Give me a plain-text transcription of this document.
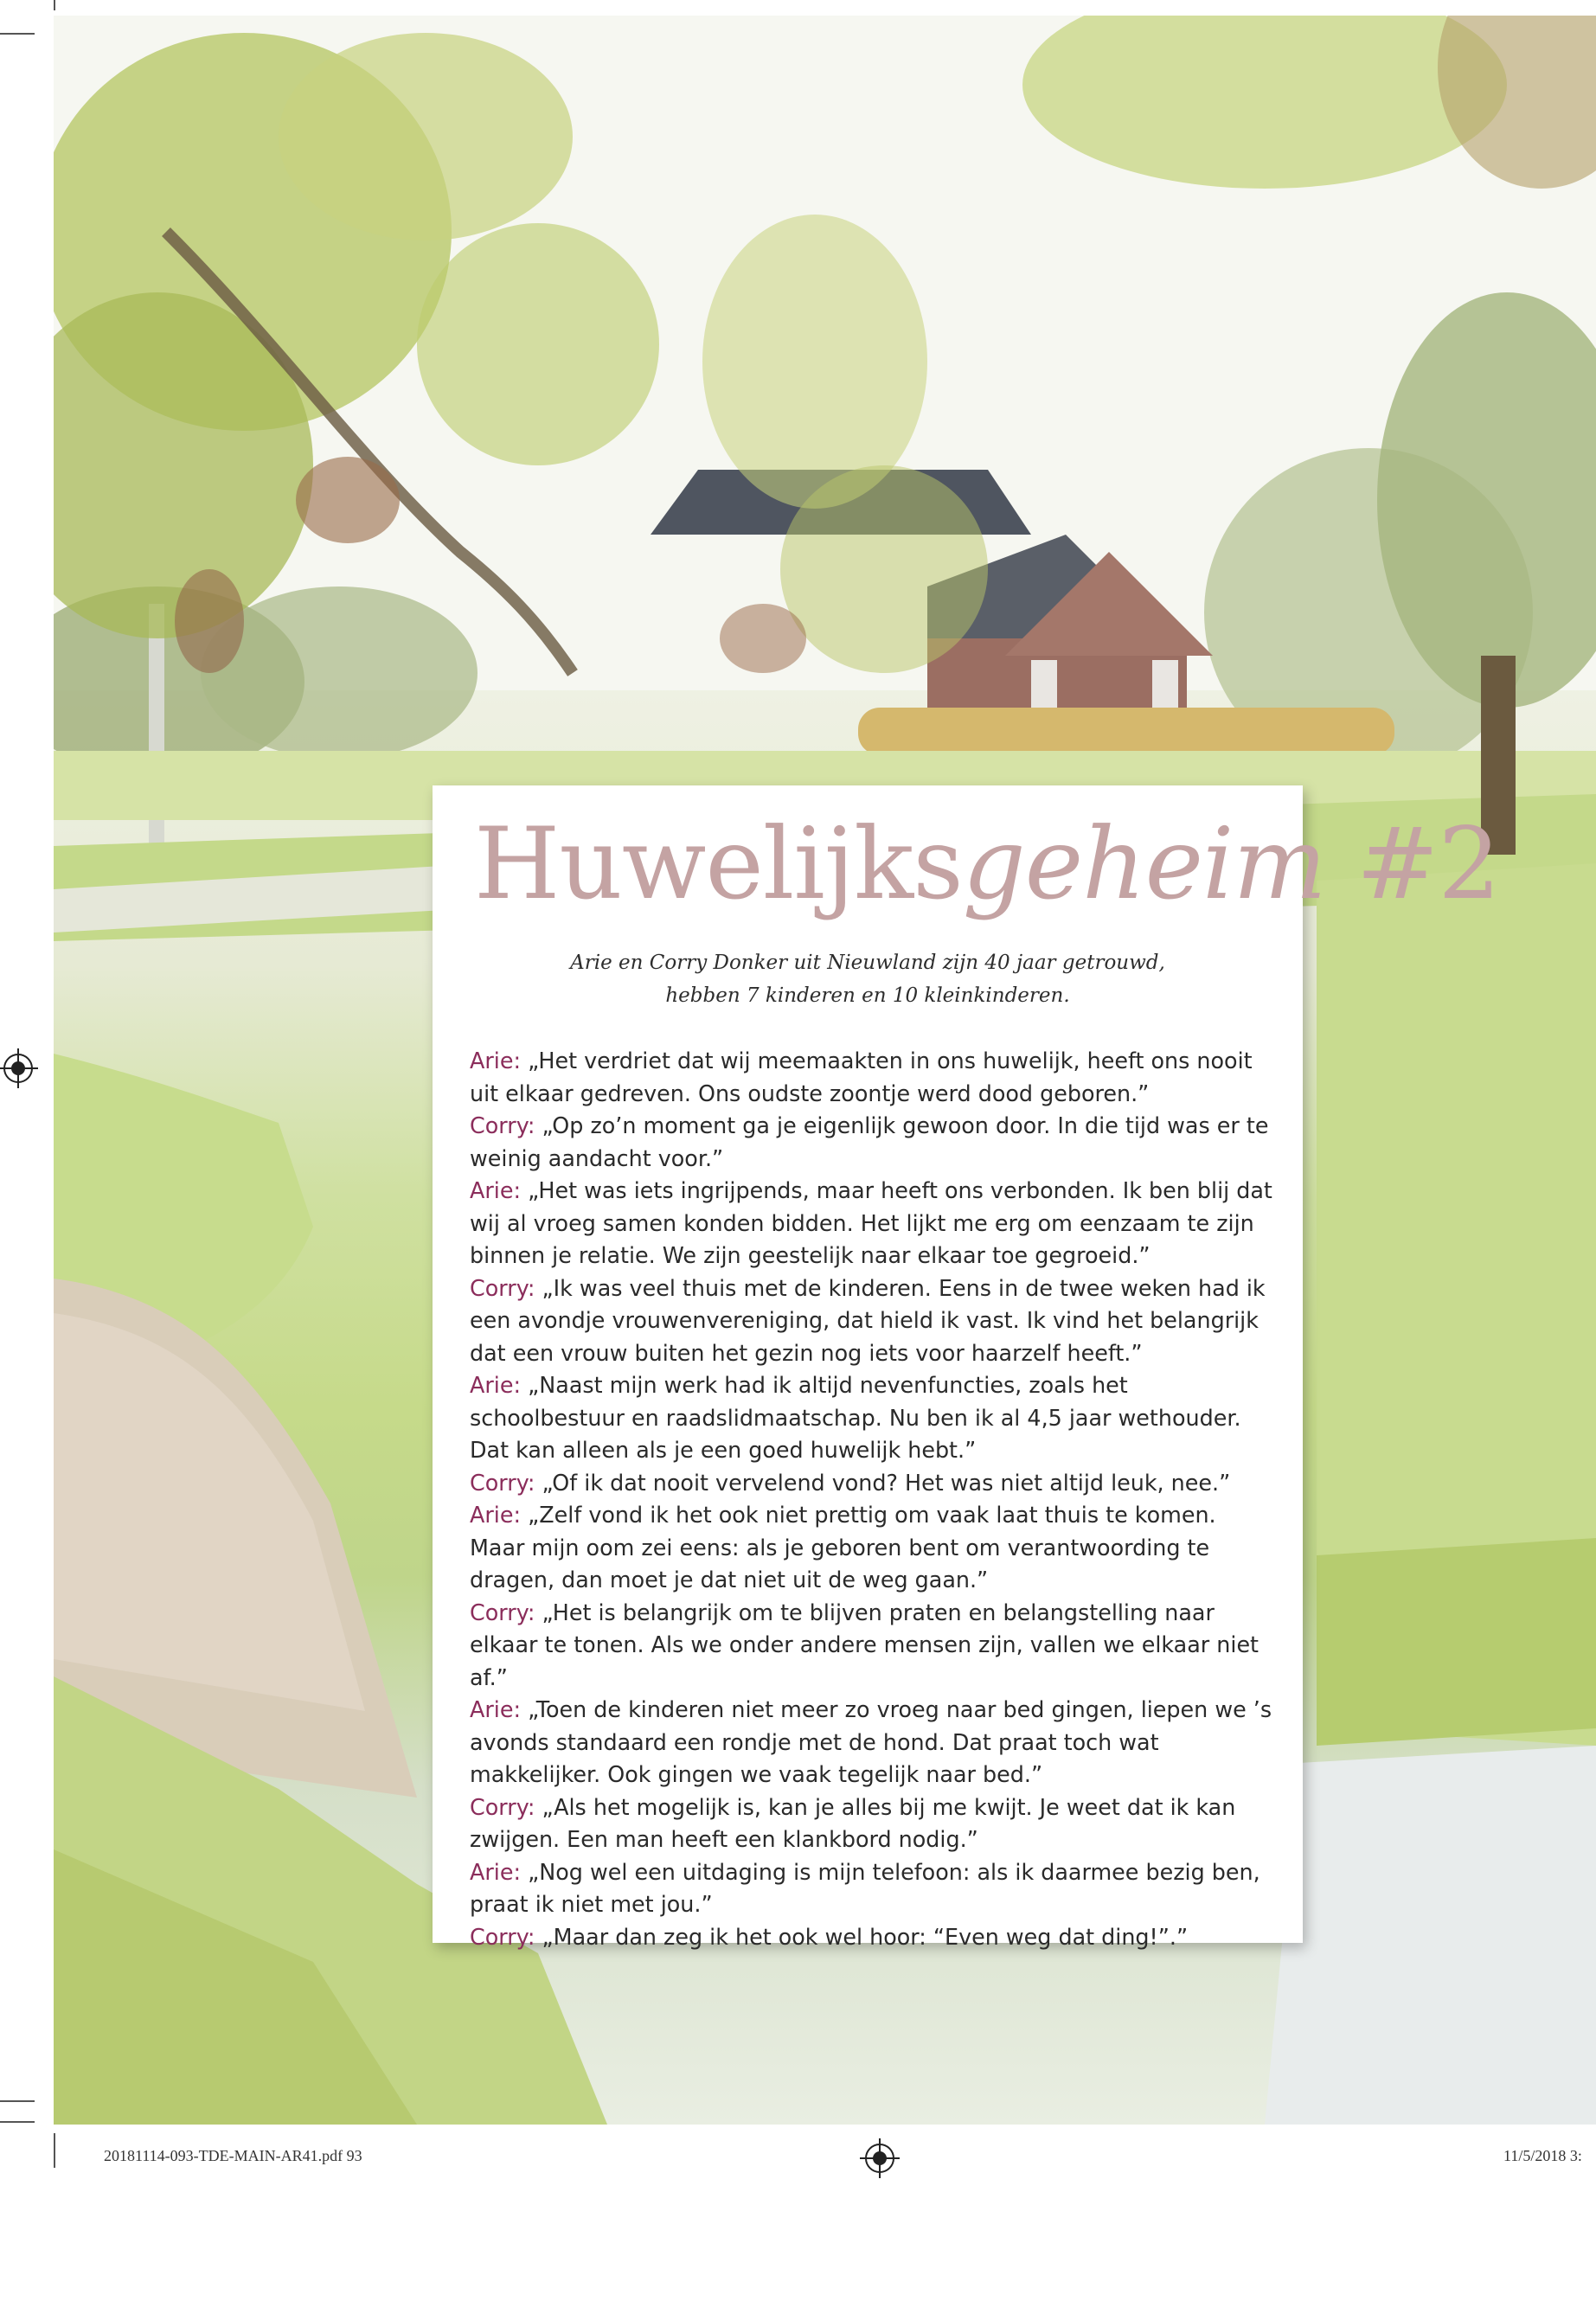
Huwelijksgeheim #2
Arie en Corry Donker uit Nieuwland zijn 40 jaar getrouwd,
hebben 7 kinderen en 10 kleinkinderen.

Arie: „Het verdriet dat wij meemaakten in ons huwelijk, heeft ons nooit uit elkaar gedreven. Ons oudste zoontje werd dood geboren.”

Corry: „Op zo’n moment ga je eigenlijk gewoon door. In die tijd was er te weinig aandacht voor.”

Arie: „Het was iets ingrijpends, maar heeft ons verbonden. Ik ben blij dat wij al vroeg samen konden bidden. Het lijkt me erg om eenzaam te zijn binnen je relatie. We zijn geestelijk naar elkaar toe gegroeid.”

Corry: „Ik was veel thuis met de kinderen. Eens in de twee weken had ik een avondje vrouwenvereniging, dat hield ik vast. Ik vind het belangrijk dat een vrouw buiten het gezin nog iets voor haarzelf heeft.”

Arie: „Naast mijn werk had ik altijd nevenfuncties, zoals het schoolbestuur en raadslidmaatschap. Nu ben ik al 4,5 jaar wethouder. Dat kan alleen als je een goed huwelijk hebt.”

Corry: „Of ik dat nooit vervelend vond? Het was niet altijd leuk, nee.”

Arie: „Zelf vond ik het ook niet prettig om vaak laat thuis te komen. Maar mijn oom zei eens: als je geboren bent om verantwoording te dragen, dan moet je dat niet uit de weg gaan.”

Corry: „Het is belangrijk om te blijven praten en belangstelling naar elkaar te tonen. Als we onder andere mensen zijn, vallen we elkaar niet af.”

Arie: „Toen de kinderen niet meer zo vroeg naar bed gingen, liepen we ’s avonds standaard een rondje met de hond. Dat praat toch wat makkelijker. Ook gingen we vaak tegelijk naar bed.”

Corry: „Als het mogelijk is, kan je alles bij me kwijt. Je weet dat ik kan zwijgen. Een man heeft een klankbord nodig.”

Arie: „Nog wel een uitdaging is mijn telefoon: als ik daarmee bezig ben, praat ik niet met jou.”

Corry: „Maar dan zeg ik het ook wel hoor: “Even weg dat ding!”.”

20181114-093-TDE-MAIN-AR41.pdf 93	11/5/2018 3:
